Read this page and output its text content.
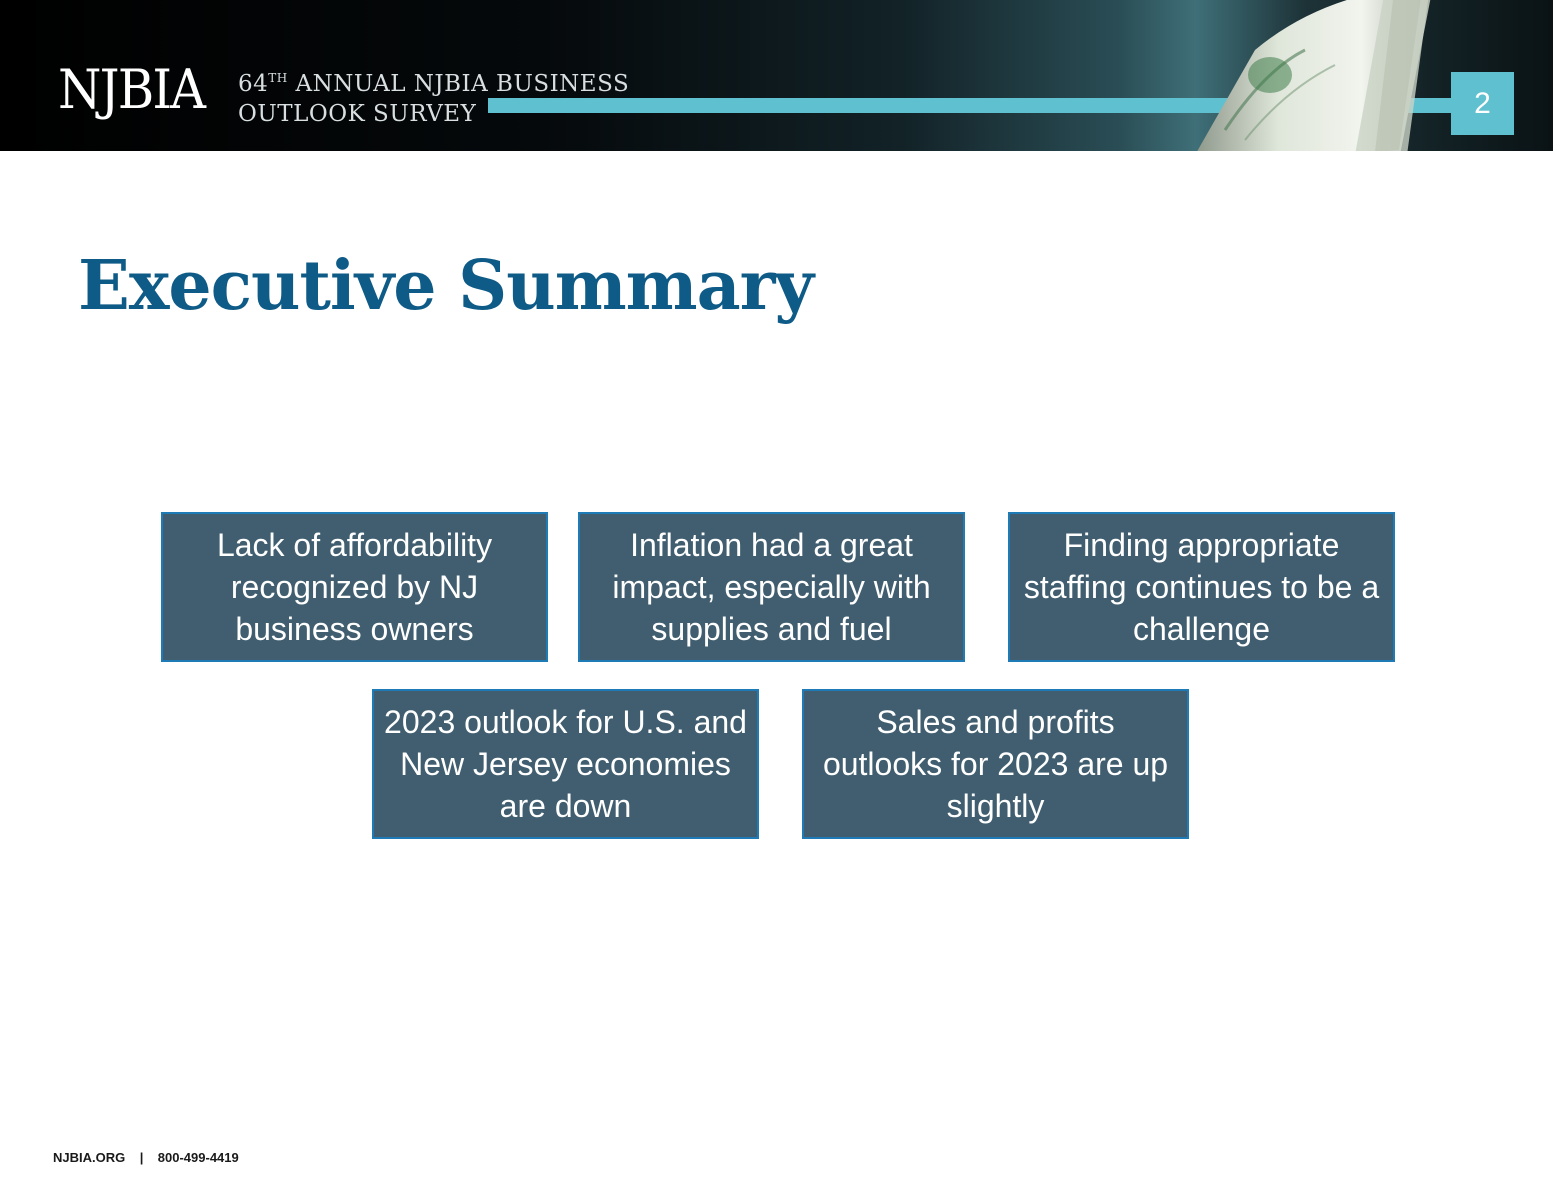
NJBIA 64TH ANNUAL NJBIA BUSINESS
OUTLOOK SURVEY	2
Executive Summary
Lack of affordability recognized by NJ business owners
Inflation had a great impact, especially with supplies and fuel
Finding appropriate staffing continues to be a challenge
2023 outlook for U.S. and New Jersey economies are down
Sales and profits outlooks for 2023 are up slightly
NJBIA.ORG | 800-499-4419
